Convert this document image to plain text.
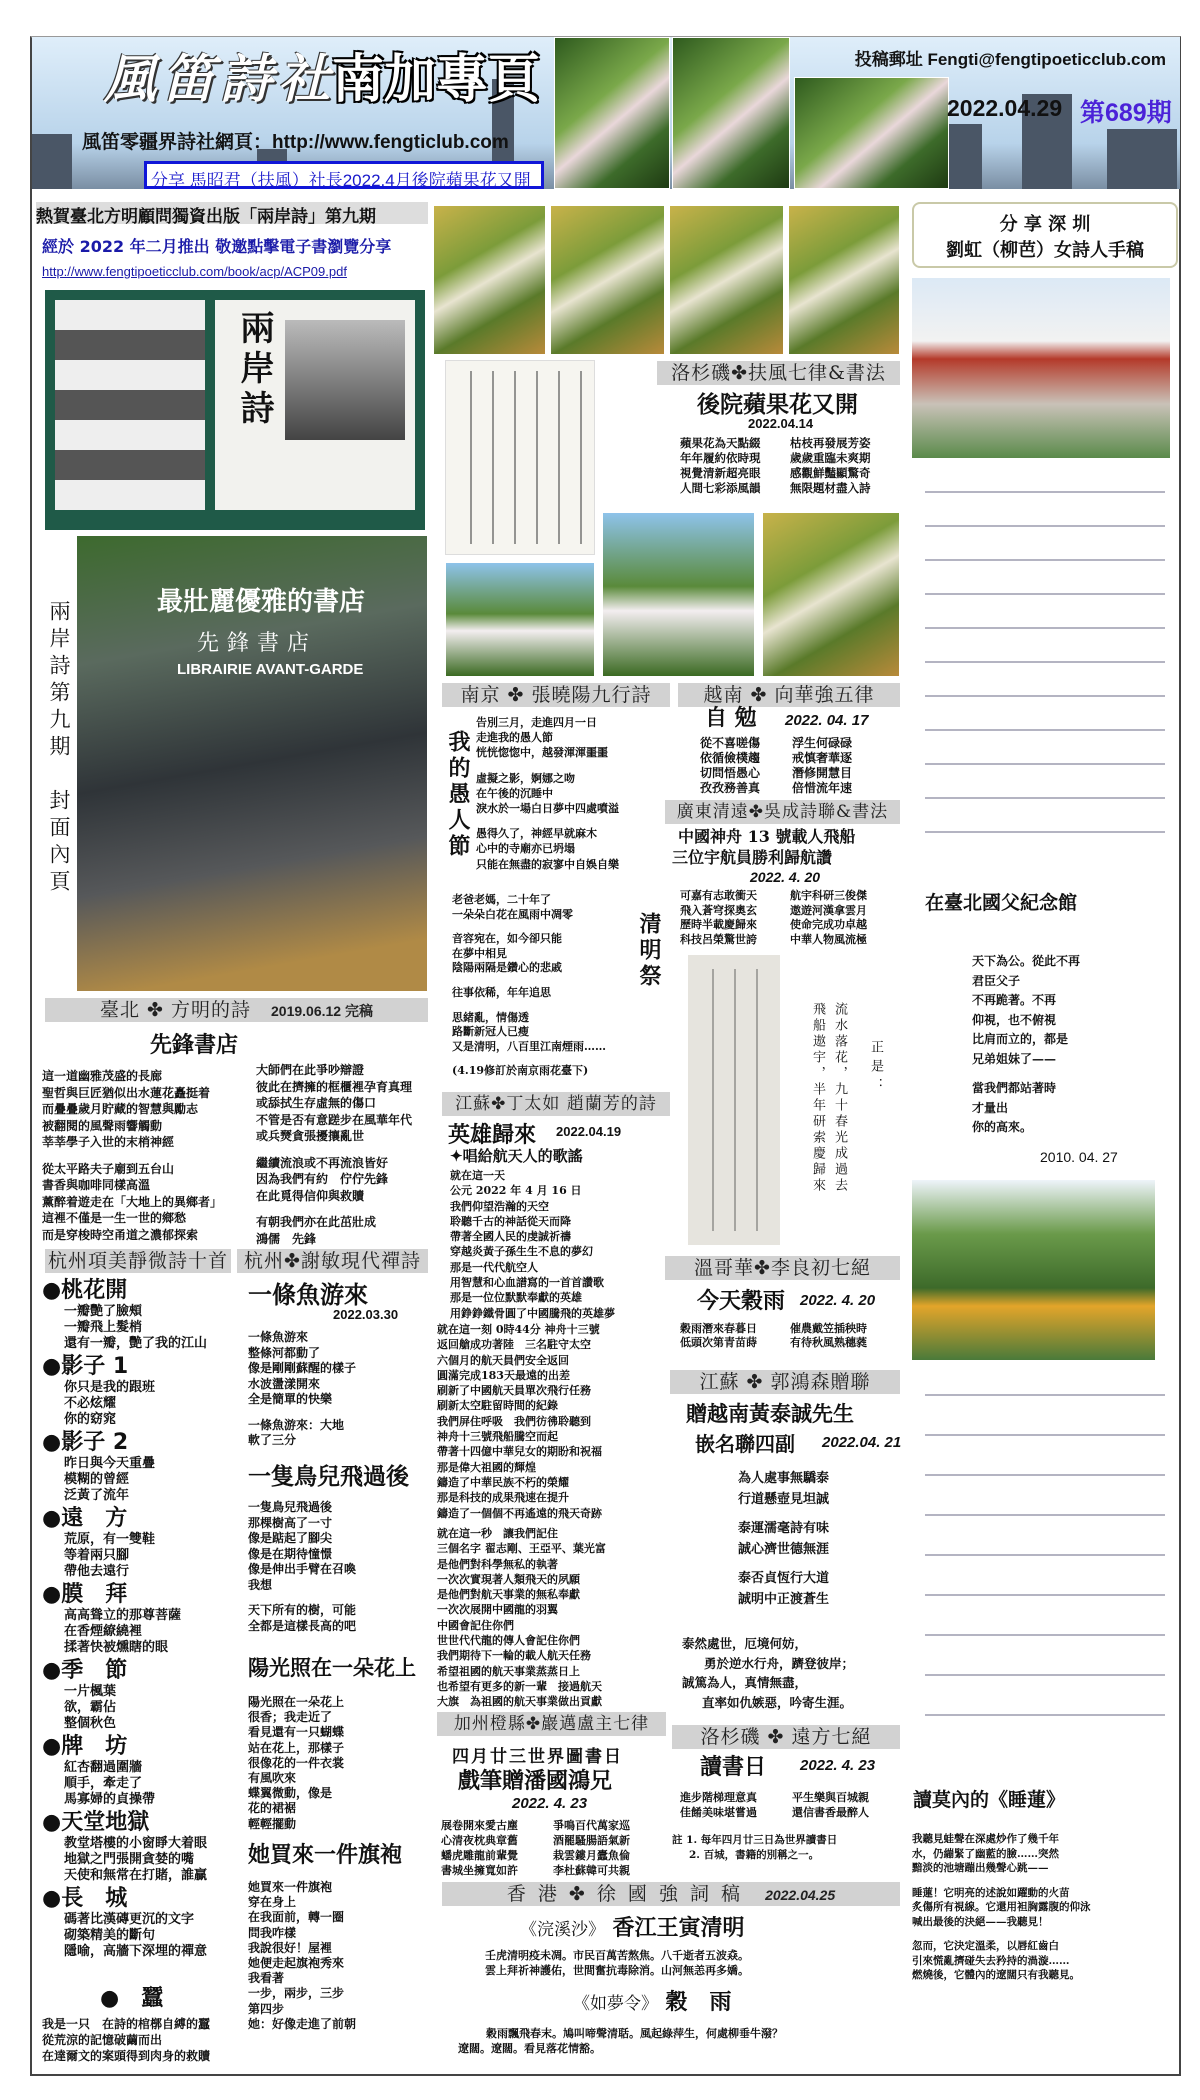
風笛詩社
南加專頁
風笛零疆界詩社網頁：http://www.fengticlub.com
分享 馬昭君（扶風）社長2022.4月後院蘋果花又開
投稿郵址 Fengti@fengtipoeticclub.com
2022.04.29 第689期
熱賀臺北方明顧問獨資出版「兩岸詩」第九期
經於 2022 年二月推出 敬邀點擊電子書瀏覽分享
http://www.fengtipoeticclub.com/book/acp/ACP09.pdf
兩岸詩
兩岸詩第九期　封面內頁	最壯麗優雅的書店
先鋒書店
LIBRAIRIE AVANT-GARDE
臺北 ✤ 方明的詩　 2019.06.12 完稿
先鋒書店
這一道幽雅茂盛的長廊
聖哲與巨匠猶似出水蓮花矗挺着
而疊疊歲月貯藏的智慧與勵志
被翻閱的風聲雨響觸動
莘莘學子入世的末梢神經
從太平路夫子廟到五台山
書香與咖啡同樣高溫
薰醉着遊走在「大地上的異鄉者」
這裡不僅是一生一世的鄉愁
而是穿梭時空甬道之濃郁探索
大師們在此爭吵辯證
彼此在擠擁的框櫃裡孕育真理
或舔拭生存虛無的傷口
不管是否有意蹉步在風華年代
或兵燹貪張擾攘亂世
繼續流浪或不再流浪皆好
因為我們有約　佇佇先鋒
在此覓得信仰與救贖
有朝我們亦在此茁壯成
鴻儒　先鋒
杭州項美靜微詩十首
●桃花開
一瓣艷了臉頰
一瓣飛上髮梢
還有一瓣，艷了我的江山
●影子 1
你只是我的跟班
不必炫耀
你的窈窕
●影子 2
昨日與今天重疊
模糊的曾經
泛黃了流年
●遠　方
荒原，有一雙鞋
等着兩只腳
帶他去遠行
●膜　拜
高高聳立的那尊菩薩
在香煙繚繞裡
揉著快被燻瞎的眼
●季　節
一片楓葉
欲，霸佔
整個秋色
●牌　坊
紅杏翻過圍牆
順手，牽走了
馬寡婦的貞操帶
●天堂地獄
教堂塔樓的小窗睜大着眼
地獄之門張開貪婪的嘴
天使和無常在打賭，誰贏
●長　城
碼著比漢磚更沉的文字
砌築精美的斷句
隱喻，高牆下深埋的禪意
●　蠶
我是一只　在詩的棺槨自縛的蠶
從荒涼的記憶破繭而出
在達爾文的案頭得到肉身的救贖
杭州✤謝敏現代禪詩
一條魚游來
2022.03.30
一條魚游來
整條河都動了
像是剛剛蘇醒的樣子
水波盪漾開來
全是簡單的快樂
一條魚游來：大地
軟了三分
一隻鳥兒飛過後
一隻鳥兒飛過後
那棵樹高了一寸
像是踮起了腳尖
像是在期待憧憬
像是伸出手臂在召喚
我想
天下所有的樹，可能
全都是這樣長高的吧
陽光照在一朵花上
陽光照在一朵花上
很香；我走近了
看見還有一只蝴蝶
站在花上，那樣子
很像花的一件衣裳
有風吹來
蝶翼微動，像是
花的裙裾
輕輕擺動
她買來一件旗袍
她買來一件旗袍
穿在身上
在我面前，轉一圈
問我咋樣
我說很好！屋裡
她便走起旗袍秀來
我看著
一步，兩步，三步
第四步
她：好像走進了前朝
洛杉磯✤扶風七律&書法
後院蘋果花又開
2022.04.14
蘋果花為天點綴
年年履約依時現
視覺清新超亮眼
人間七彩添風韻
枯枝再發展芳姿
歲歲重臨未爽期
感觀鮮豔顯驚奇
無限題材盡入詩
南京 ✤ 張曉陽九行詩
我的愚人節
告別三月，走進四月一日
走進我的愚人節
恍恍惚惚中，越發渾渾噩噩
虛擬之影，婀娜之吻
在午後的沉睡中
淚水於一場白日夢中四處噴溢
愚得久了，神經早就麻木
心中的寺廟亦已坍塌
只能在無盡的寂寥中自娛自樂
清明祭
老爸老媽，二十年了
一朵朵白花在風雨中凋零
音容宛在，如今卻只能
在夢中相見
陰陽兩隔是鑽心的悲戚
往事依稀，年年追思
思緒亂，情傷透
路斷新冠人已瘦
又是清明，八百里江南煙雨……
(4.19修訂於南京雨花臺下)
江蘇✤丁太如 趙蘭芳的詩
英雄歸來 2022.04.19
✦唱給航天人的歌謠
就在這一天
公元 2022 年 4 月 16 日
我們仰望浩瀚的天空
聆聽千古的神話從天而降
帶著全國人民的虔誠祈禱
穿越炎黃子孫生生不息的夢幻
那是一代代航空人
用智慧和心血譜寫的一首首讚歌
那是一位位默默奉獻的英雄
用錚錚鐵骨圓了中國騰飛的英雄夢
就在這一刻 0時44分 神舟十三號
返回艙成功著陸　三名駐守太空
六個月的航天員們安全返回
圓滿完成183天最遠的出差
刷新了中國航天員單次飛行任務
刷新太空駐留時間的紀錄
我們屏住呼吸　我們彷彿聆聽到
神舟十三號飛船騰空而起
帶著十四億中華兒女的期盼和祝福
那是偉大祖國的輝煌
鑄造了中華民族不朽的榮耀
那是科技的成果飛速在提升
鑄造了一個個不再遙遠的飛天奇跡
就在這一秒　讓我們記住
三個名字 翟志剛、王亞平、葉光富
是他們對科學無私的執著
一次次實現著人類飛天的夙願
是他們對航天事業的無私奉獻
一次次展開中國龍的羽翼
中國會記住你們
世世代代龍的傳人會記住你們
我們期待下一輪的載人航天任務
希望祖國的航天事業蒸蒸日上
也希望有更多的新一輩　接過航天
大旗　為祖國的航天事業做出貢獻
越南 ✤ 向華強五律
自 勉 2022. 04. 17
從不喜嗟傷
依循儉樸趨
切問悟愚心
孜孜務善真
浮生何碌碌
戒慎奢華逐
潛修開慧目
倍惜流年速
廣東清遠✤吳成詩聯&書法
中國神舟 13 號載人飛船
三位宇航員勝利歸航讚
2022. 4. 20
可嘉有志敢衝天
飛入蒼穹探奧玄
歷時半載慶歸來
科技呂榮驚世誇
航宇科研三俊傑
遨遊河漢拿雲月
使命完成功卓越
中華人物風流極
流水落花，九十春光成過去
飛船遨宇，半年研索慶歸來	正是：
溫哥華✤李良初七絕
今天穀雨 2022. 4. 20
穀雨潛來春暮日
低頭次第青苗蒔
催農戴笠插秧時
有待秋風熟穗蕤
江蘇 ✤ 郭鴻森贈聯
贈越南黃泰誠先生
嵌名聯四副 2022.04. 21
為人處事無驕泰
行道懸壺見坦誠
泰運濡毫詩有味
誠心濟世德無涯
泰否貞恆行大道
誠明中正渡蒼生
泰然處世，厄境何妨，
勇於逆水行舟，躋登彼岸；
誠篤為人，真情無盡，
直率如仇嫉惡，吟寄生涯。
加州橙縣✤巖邁盧主七律
四月廿三世界圖書日
戲筆贈潘國鴻兄
2022. 4. 23
展卷開來愛古塵
心清夜枕典章舊
蟠虎雕龍前輩覺
書城坐擁寬如許
爭鳴百代萬家巡
酒罷騷腸語氣新
栽雲鏤月蠹魚倫
李杜蘇韓可共親
洛杉磯 ✤ 遠方七絕
讀書日 2022. 4. 23
進步階梯理意真
佳餚美味堪嘗過
平生樂與百城親
還信書香最醉人
註 1. 每年四月廿三日為世界讀書日
2. 百城，書籍的別稱之一。
香 港 ✤ 徐 國 強 詞 稿　 2022.04.25
《浣溪沙》　 香江王寅清明
壬虎清明疫未凋。市民百萬苦熬焦。八千逝者五波猋。
雲上拜祈神護佑，世間奮抗毒除消。山河無恙再多嬌。
《如夢令》　 穀　雨
穀雨飄飛春末。鳩叫啼聲清聒。風起綠萍生，何處柳垂牛潑？
遼闊。遼闊。看見落花情豁。
分 享 深 圳
劉虹（柳芭）女詩人手稿
在臺北國父紀念館
天下為公。從此不再
君臣父子
不再跪著。不再
仰視，也不俯視
比肩而立的，都是
兄弟姐妹了——
當我們都站著時
才量出
你的高來。
2010. 04. 27
讀莫內的《睡蓮》
我聽見蛙聲在深處炒作了幾千年
水，仍繃緊了幽藍的臉……突然
黯淡的池塘蹦出幾聲心跳——
睡蓮！它明亮的述說如躍動的火苗
炙傷所有視線。它還用袒胸露腹的仰泳
喊出最後的決絕——我聽見！
忽而，它決定溫柔，以唇紅齒白
引來慌亂擠碰失去矜持的渦漩……
燃燒後，它體內的遼闊只有我聽見。
